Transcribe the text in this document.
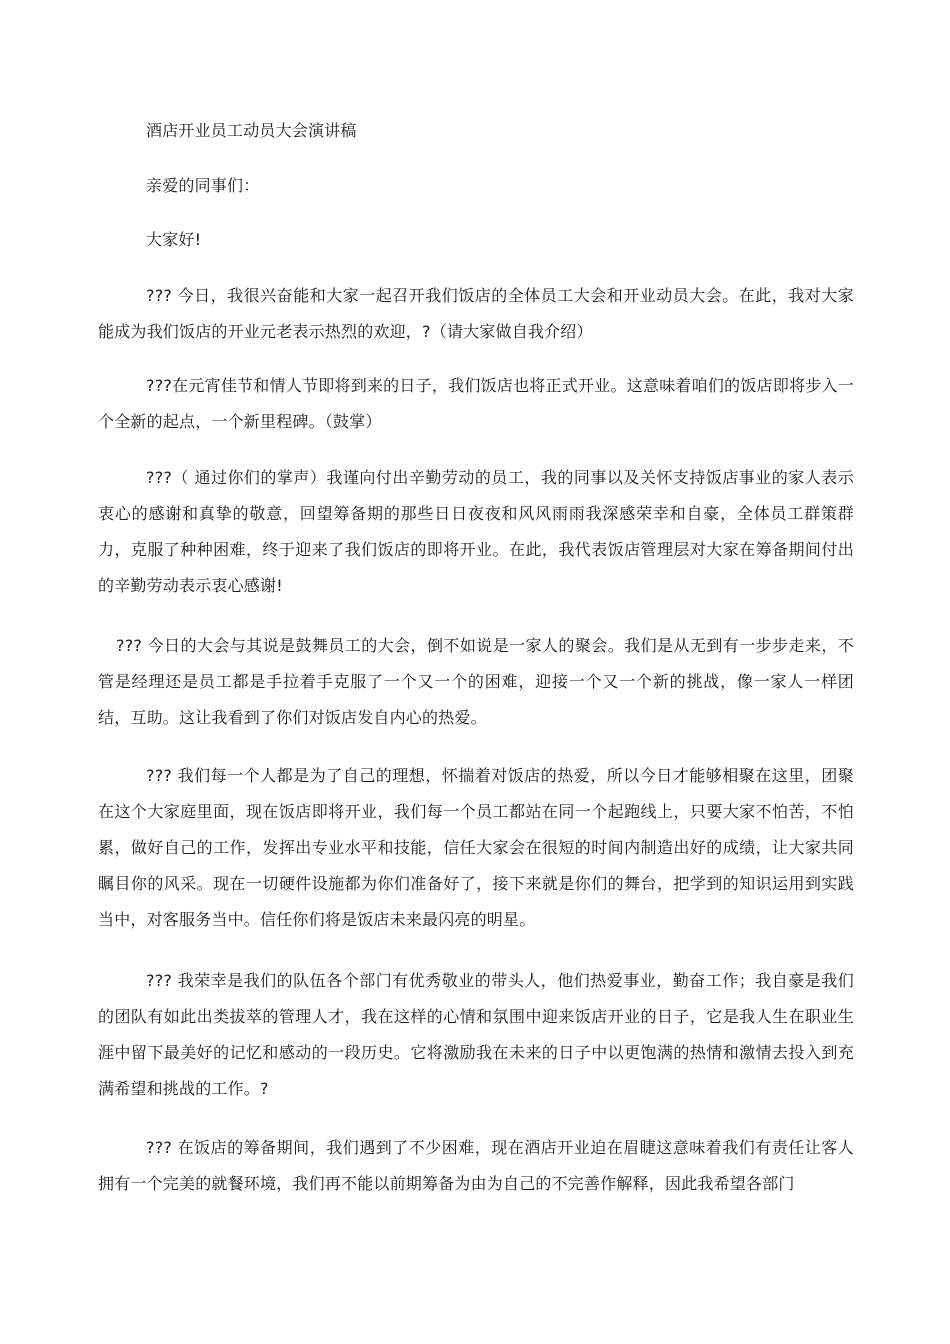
酒店开业员工动员大会演讲稿

亲爱的同事们：

大家好!

??? 今日，我很兴奋能和大家一起召开我们饭店的全体员工大会和开业动员大会。在此，我对大家能成为我们饭店的开业元老表示热烈的欢迎，?（请大家做自我介绍）

???在元宵佳节和情人节即将到来的日子，我们饭店也将正式开业。这意味着咱们的饭店即将步入一个全新的起点，一个新里程碑。（鼓掌）

???（ 通过你们的掌声）我谨向付出辛勤劳动的员工，我的同事以及关怀支持饭店事业的家人表示衷心的感谢和真挚的敬意，回望筹备期的那些日日夜夜和风风雨雨我深感荣幸和自豪，全体员工群策群力，克服了种种困难，终于迎来了我们饭店的即将开业。在此，我代表饭店管理层对大家在筹备期间付出的辛勤劳动表示衷心感谢!

??? 今日的大会与其说是鼓舞员工的大会，倒不如说是一家人的聚会。我们是从无到有一步步走来，不管是经理还是员工都是手拉着手克服了一个又一个的困难，迎接一个又一个新的挑战，像一家人一样团结，互助。这让我看到了你们对饭店发自内心的热爱。

??? 我们每一个人都是为了自己的理想，怀揣着对饭店的热爱，所以今日才能够相聚在这里，团聚在这个大家庭里面，现在饭店即将开业，我们每一个员工都站在同一个起跑线上，只要大家不怕苦，不怕累，做好自己的工作，发挥出专业水平和技能，信任大家会在很短的时间内制造出好的成绩，让大家共同瞩目你的风采。现在一切硬件设施都为你们准备好了，接下来就是你们的舞台，把学到的知识运用到实践当中，对客服务当中。信任你们将是饭店未来最闪亮的明星。

??? 我荣幸是我们的队伍各个部门有优秀敬业的带头人，他们热爱事业，勤奋工作；我自豪是我们的团队有如此出类拔萃的管理人才，我在这样的心情和氛围中迎来饭店开业的日子，它是我人生在职业生涯中留下最美好的记忆和感动的一段历史。它将激励我在未来的日子中以更饱满的热情和激情去投入到充满希望和挑战的工作。?

??? 在饭店的筹备期间，我们遇到了不少困难，现在酒店开业迫在眉睫这意味着我们有责任让客人拥有一个完美的就餐环境，我们再不能以前期筹备为由为自己的不完善作解释，因此我希望各部门
